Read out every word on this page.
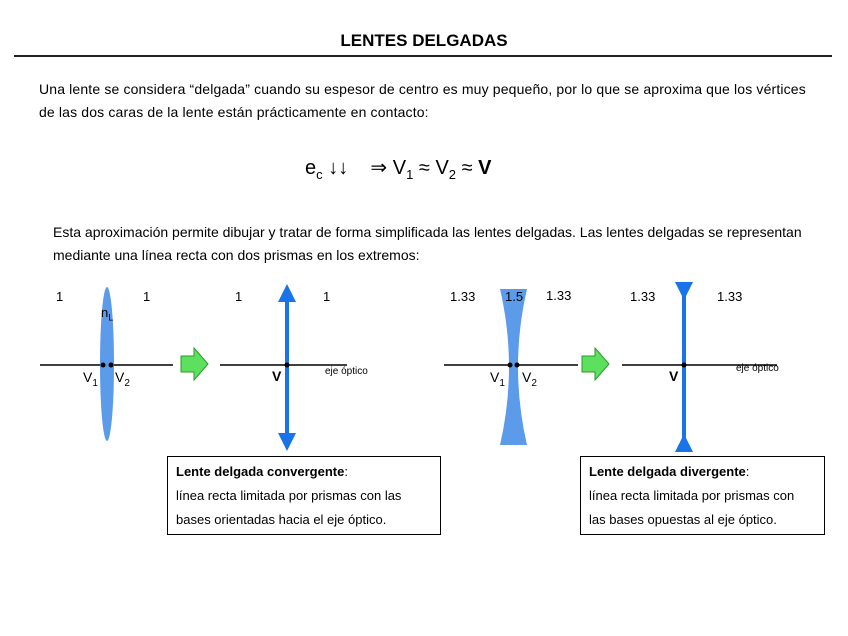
LENTES DELGADAS
Una lente se considera “delgada” cuando su espesor de centro es muy pequeño, por lo que se aproxima que los vértices de las dos caras de la lente están prácticamente en contacto:
$e_c$ ↓↓ ⇒ $V_1 \approx V_2 \approx V$
Esta aproximación permite dibujar y tratar de forma simplificada las lentes delgadas. Las lentes delgadas se representan mediante una línea recta con dos prismas en los extremos:
1	1
$n_L$
$V_1$ $V_2$
1	1
V	eje óptico
1.33 1.5 1.33
$V_1$ $V_2$
1.33	1.33
V	eje óptico
Lente delgada convergente:
línea recta limitada por prismas con las
bases orientadas hacia el eje óptico.
Lente delgada divergente:
línea recta limitada por prismas con
las bases opuestas al eje óptico.
